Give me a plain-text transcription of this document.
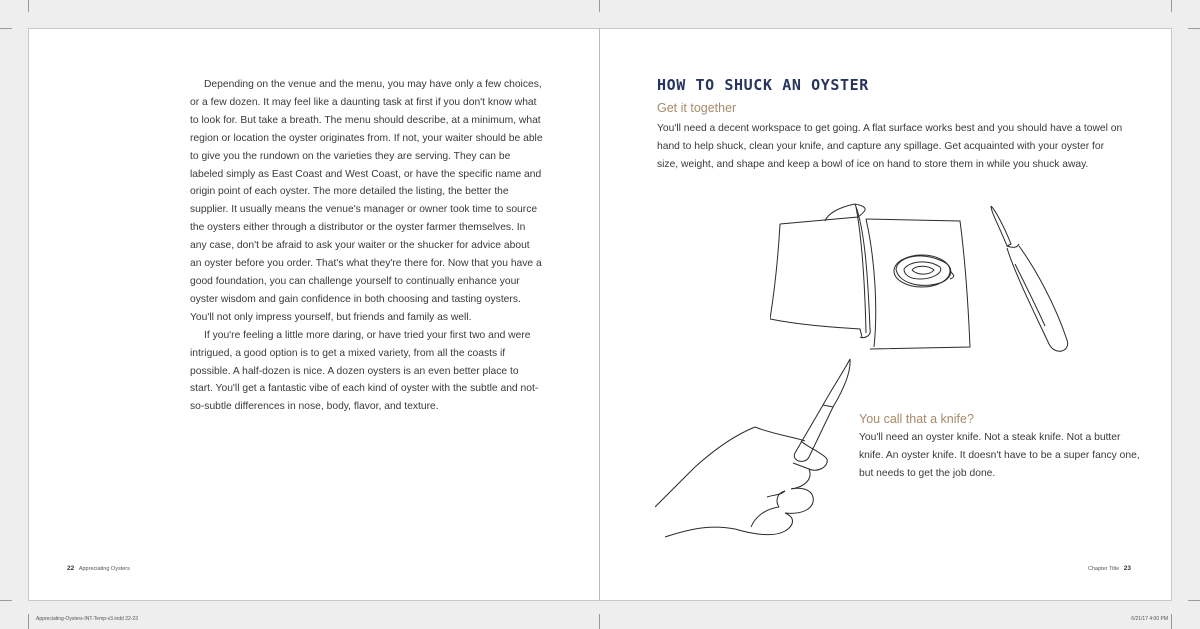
Depending on the venue and the menu, you may have only a few choices, or a few dozen. It may feel like a daunting task at first if you don't know what to look for. But take a breath. The menu should describe, at a minimum, what region or location the oyster originates from. If not, your waiter should be able to give you the rundown on the varieties they are serving. They can be labeled simply as East Coast and West Coast, or have the specific name and origin point of each oyster. The more detailed the listing, the better the supplier. It usually means the venue's manager or owner took time to source the oysters either through a distributor or the oyster farmer themselves. In any case, don't be afraid to ask your waiter or the shucker for advice about an oyster before you order. That's what they're there for. Now that you have a good foundation, you can challenge yourself to continually enhance your oyster wisdom and gain confidence in both choosing and tasting oysters. You'll not only impress yourself, but friends and family as well.

If you're feeling a little more daring, or have tried your first two and were intrigued, a good option is to get a mixed variety, from all the coasts if possible. A half-dozen is nice. A dozen oysters is an even better place to start. You'll get a fantastic vibe of each kind of oyster with the subtle and not-so-subtle differences in nose, body, flavor, and texture.

22 Appreciating Oysters
HOW TO SHUCK AN OYSTER
Get it together

You'll need a decent workspace to get going. A flat surface works best and you should have a towel on hand to help shuck, clean your knife, and capture any spillage. Get acquainted with your oyster for size, weight, and shape and keep a bowl of ice on hand to store them in while you shuck away.

You call that a knife?

You'll need an oyster knife. Not a steak knife. Not a butter knife. An oyster knife. It doesn't have to be a super fancy one, but needs to get the job done.

Chapter Title 23
Appreciating-Oysters-INT-Temp-v3.indd 22-23	6/21/17 4:00 PM
